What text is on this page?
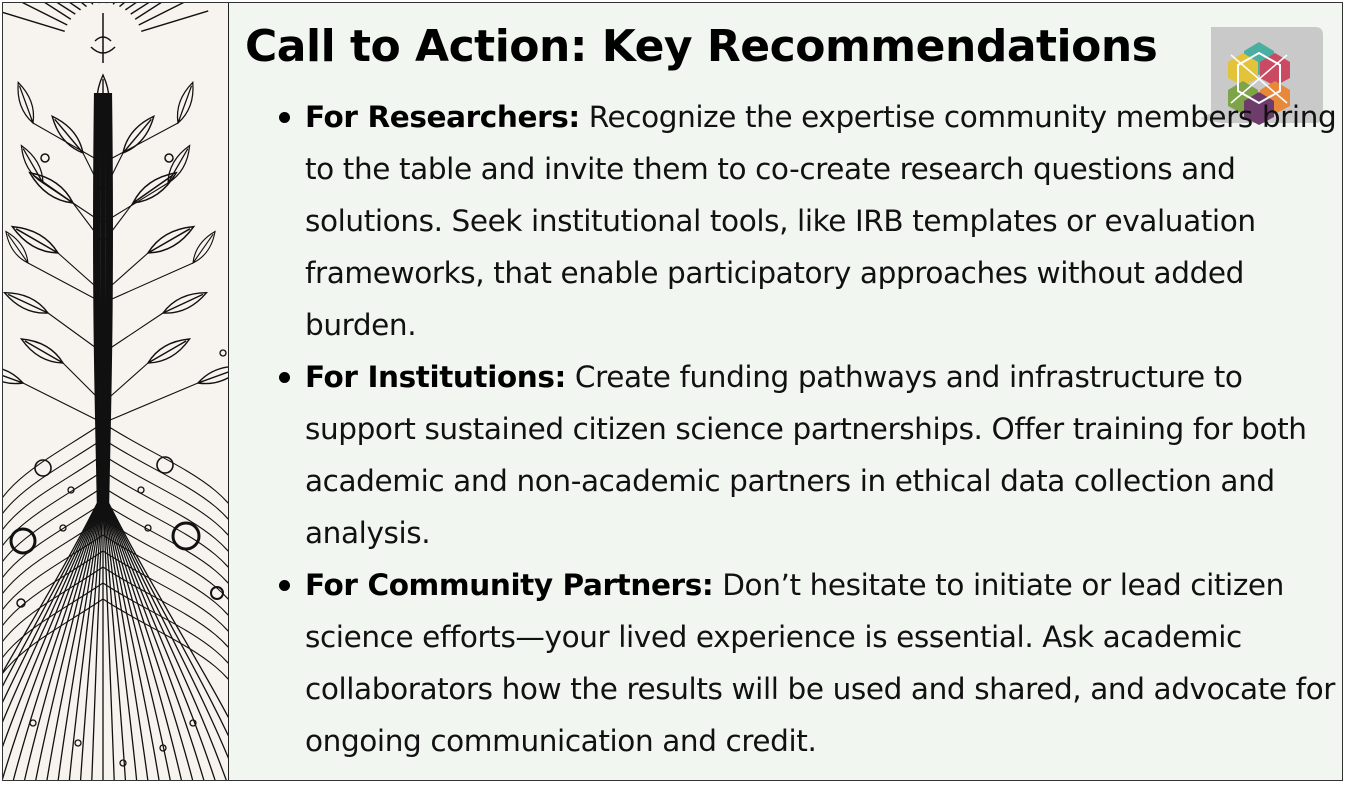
Call to Action: Key Recommendations
For Researchers: Recognize the expertise community members bring to the table and invite them to co-create research questions and solutions. Seek institutional tools, like IRB templates or evaluation frameworks, that enable participatory approaches without added burden.
For Institutions: Create funding pathways and infrastructure to support sustained citizen science partnerships. Offer training for both academic and non-academic partners in ethical data collection and analysis.
For Community Partners: Don’t hesitate to initiate or lead citizen science efforts—your lived experience is essential. Ask academic collaborators how the results will be used and shared, and advocate for ongoing communication and credit.
